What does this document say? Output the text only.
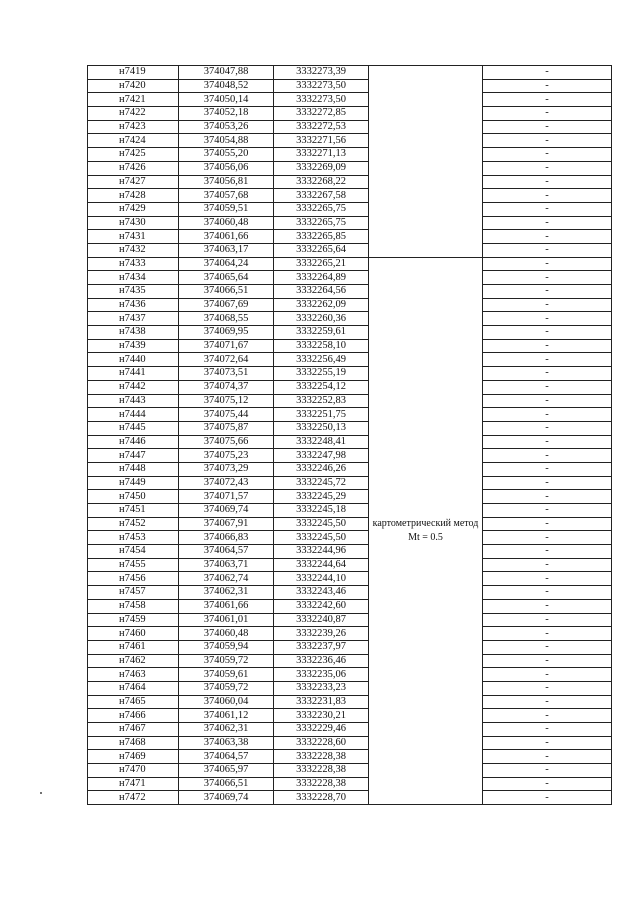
н7419	374047,88	3332273,39		-
н7420	374048,52	3332273,50		-
н7421	374050,14	3332273,50		-
н7422	374052,18	3332272,85		-
н7423	374053,26	3332272,53		-
н7424	374054,88	3332271,56		-
н7425	374055,20	3332271,13		-
н7426	374056,06	3332269,09		-
н7427	374056,81	3332268,22		-
н7428	374057,68	3332267,58		-
н7429	374059,51	3332265,75		-
н7430	374060,48	3332265,75		-
н7431	374061,66	3332265,85		-
н7432	374063,17	3332265,64		-
н7433	374064,24	3332265,21	картометрический метод Mt = 0.5	-
н7434	374065,64	3332264,89		-
н7435	374066,51	3332264,56		-
н7436	374067,69	3332262,09		-
н7437	374068,55	3332260,36		-
н7438	374069,95	3332259,61		-
н7439	374071,67	3332258,10		-
н7440	374072,64	3332256,49		-
н7441	374073,51	3332255,19		-
н7442	374074,37	3332254,12		-
н7443	374075,12	3332252,83		-
н7444	374075,44	3332251,75		-
н7445	374075,87	3332250,13		-
н7446	374075,66	3332248,41		-
н7447	374075,23	3332247,98		-
н7448	374073,29	3332246,26		-
н7449	374072,43	3332245,72		-
н7450	374071,57	3332245,29		-
н7451	374069,74	3332245,18		-
н7452	374067,91	3332245,50		-
н7453	374066,83	3332245,50		-
н7454	374064,57	3332244,96		-
н7455	374063,71	3332244,64		-
н7456	374062,74	3332244,10		-
н7457	374062,31	3332243,46		-
н7458	374061,66	3332242,60		-
н7459	374061,01	3332240,87		-
н7460	374060,48	3332239,26		-
н7461	374059,94	3332237,97		-
н7462	374059,72	3332236,46		-
н7463	374059,61	3332235,06		-
н7464	374059,72	3332233,23		-
н7465	374060,04	3332231,83		-
н7466	374061,12	3332230,21		-
н7467	374062,31	3332229,46		-
н7468	374063,38	3332228,60		-
н7469	374064,57	3332228,38		-
н7470	374065,97	3332228,38		-
н7471	374066,51	3332228,38		-
н7472	374069,74	3332228,70		-
